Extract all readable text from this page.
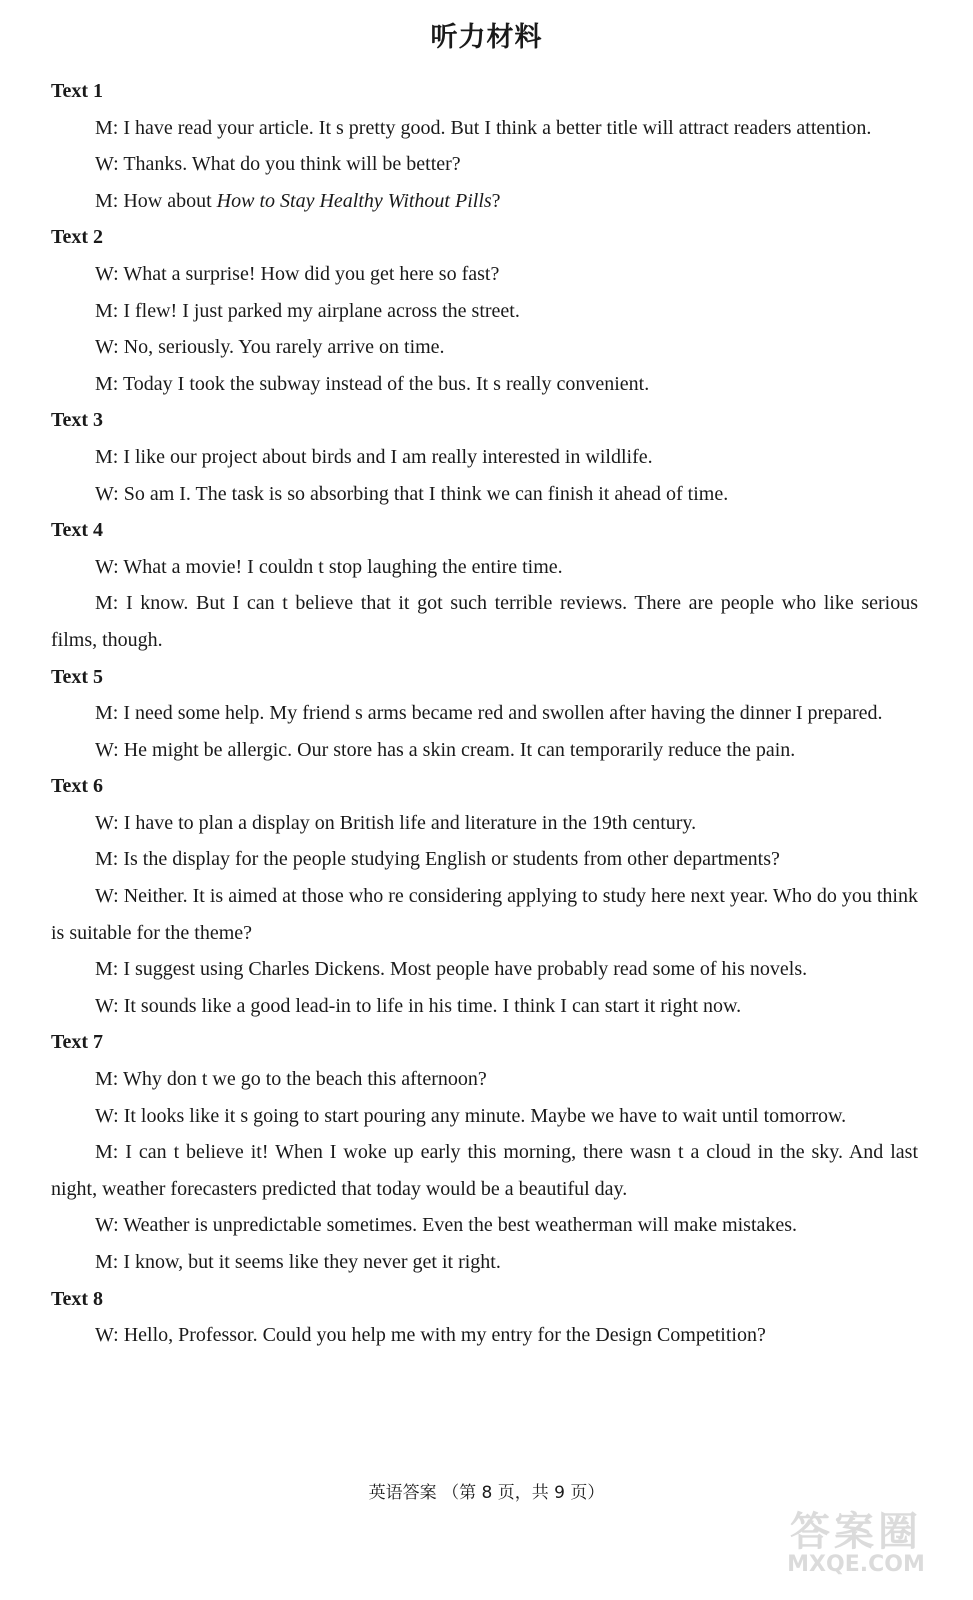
听力材料
Text 1
M: I have read your article. It s pretty good. But I think a better title will attract readers attention.
W: Thanks. What do you think will be better?
M: How about How to Stay Healthy Without Pills?
Text 2
W: What a surprise! How did you get here so fast?
M: I flew! I just parked my airplane across the street.
W: No, seriously. You rarely arrive on time.
M: Today I took the subway instead of the bus. It s really convenient.
Text 3
M: I like our project about birds and I am really interested in wildlife.
W: So am I. The task is so absorbing that I think we can finish it ahead of time.
Text 4
W: What a movie! I couldn t stop laughing the entire time.
M: I know. But I can t believe that it got such terrible reviews. There are people who like serious films, though.
Text 5
M: I need some help. My friend s arms became red and swollen after having the dinner I prepared.
W: He might be allergic. Our store has a skin cream. It can temporarily reduce the pain.
Text 6
W: I have to plan a display on British life and literature in the 19th century.
M: Is the display for the people studying English or students from other departments?
W: Neither. It is aimed at those who re considering applying to study here next year. Who do you think is suitable for the theme?
M: I suggest using Charles Dickens. Most people have probably read some of his novels.
W: It sounds like a good lead-in to life in his time. I think I can start it right now.
Text 7
M: Why don t we go to the beach this afternoon?
W: It looks like it s going to start pouring any minute. Maybe we have to wait until tomorrow.
M: I can t believe it! When I woke up early this morning, there wasn t a cloud in the sky. And last night, weather forecasters predicted that today would be a beautiful day.
W: Weather is unpredictable sometimes. Even the best weatherman will make mistakes.
M: I know, but it seems like they never get it right.
Text 8
W: Hello, Professor. Could you help me with my entry for the Design Competition?
英语答案 （第 8 页，共 9 页）
答案圈
MXQE.COM
